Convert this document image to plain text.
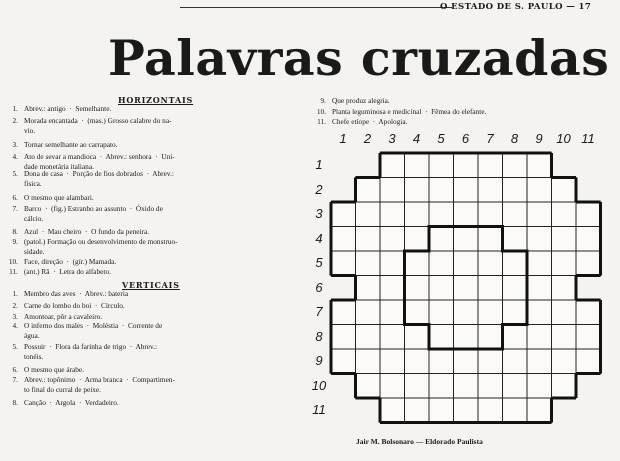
O ESTADO DE S. PAULO — 17
Palavras cruzadas
HORIZONTAIS
1. Abrev.: antigo  ·  Semelhante.
2. Morada encantada  ·  (mas.) Grosso calabre do na-
vio.
3. Tornar semelhante ao carrapato.
4. Ato de sevar a mandioca  ·  Abrev.: senhora  ·  Uni-
dade monetária italiana.
5. Dona de casa  ·  Porção de fios dobrados  ·  Abrev.:
física.
6. O mesmo que alambari.
7. Barco  ·  (fig.) Estranho ao assunto  ·  Óxido de
cálcio.
8. Azul  ·  Mau cheiro  ·  O fundo da peneira.
9. (patol.) Formação ou desenvolvimento de monstruo-
sidade.
10. Face, direção  ·  (gír.) Mamada.
11. (ant.) Rã  ·  Letra do alfabeto.
9. Que produz alegria.
10. Planta leguminosa e medicinal  ·  Fêmea do elefante.
11. Chefe etíope  ·  Apologia.
VERTICAIS
1. Membro das aves  ·  Abrev.: bateria
2. Carne do lombo do boi  ·  Círculo.
3. Amontoar, pôr a cavaleiro.
4. O inferno dos males  ·  Moléstia  ·  Corrente de
água.
5. Possuir  ·  Flora da farinha de trigo  ·  Abrev.:
tonéis.
6. O mesmo que árabe.
7. Abrev.: topônimo  ·  Arma branca  ·  Compartimen-
to final do curral de peixe.
8. Canção  ·  Argola  ·  Verdadeiro.
1	2	3	4	5	6	7	8	9	10 11
1
2
3
4
5
6
7
8
9
10
11
Jair M. Bolsonaro — Eldorado Paulista
